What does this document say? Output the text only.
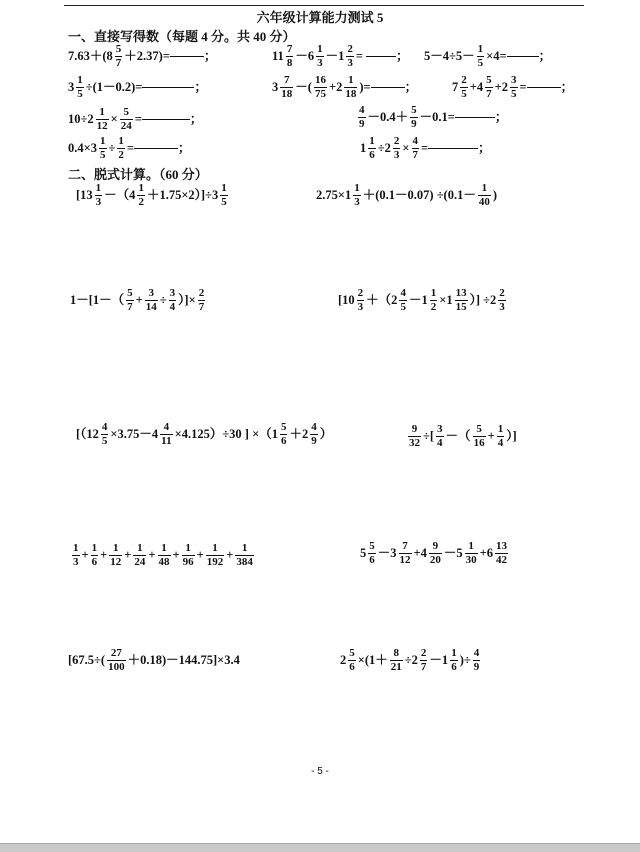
六年级计算能力测试 5
一、直接写得数（每题 4 分。共 40 分）
7.63＋(8
5
7 ＋2.37)=	；	11
7
8 － 6
1
$3 - 1 \frac{2}{3}$ =
	； $5-4\div 5- \frac{1}{5} \times 4=$	；
$3 \frac{1}{5} \div(1-0.2)=$	；	3
7
18 － (
16
75 + 2
1
18 ) =	；	7
2
5 + 4
5
$7 + 2 \frac{3}{5}$ =	；
$10\div 2 \frac{1}{12} \times \frac{5}{24}$ =	；
4
9 －0.4＋
5
9 －0.1=	；
$0.4\times 3 \frac{1}{5} \div \frac{1}{2}$ =	；	$1 \frac{1}{6} \div 2 \frac{2}{3} \times \frac{4}{7}$ =	；
二、脱式计算。（60 分）
[13
1
3 －（4
1
2 ＋1.75×2）]÷3
1
5	2.75×1
1
3 ＋(0.1－0.07) ÷(0.1－
1
40 )
1－[1－（
5
$7 + \frac{3}{14} \div \frac{3}{4}$ ）]× $\frac{2}{7}$	[10
2
3 ＋（2
4
$5 - 1 \frac{1}{2} \times 1$
13
15 ）] ÷2
2
3
[$(12 \frac{4}{5} \times 3.75-4 \frac{4}{11} \times 4.125)\div 30$ ] ×（1
5
6 ＋2
4
9 ）	$\frac{9}{32}$ ÷[
3
4 － （
5
$16 + \frac{1}{4}$ ）]
1
$3 + \frac{1}{6} + \frac{1}{12} + \frac{1}{24} + \frac{1}{48} + \frac{1}{96} + \frac{1}{192} + \frac{1}{384}$	5
5
6 － 3
7
12 + 4
9
20 － 5
1
30 + 6
13
42
[67.5÷(
27
100 ＋0.18)－144.75]×3.4	$2 \frac{5}{6} \times(1+ \frac{8}{21} \div 2$
2
7 －1
1
6 )÷ $\frac{4}{9}$
- 5 -
